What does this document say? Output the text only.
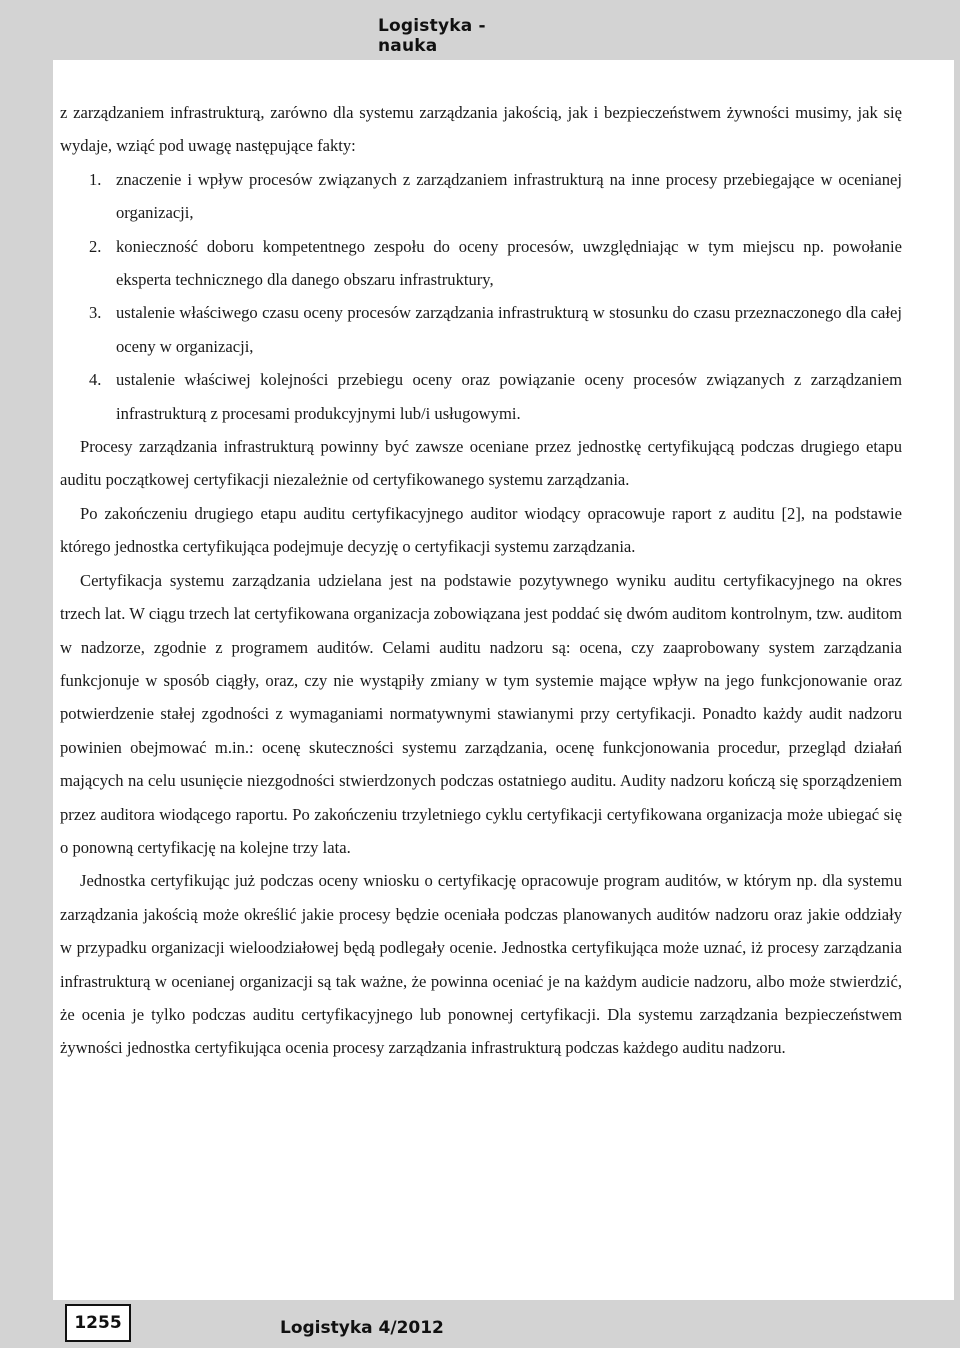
Logistyka - nauka

z zarządzaniem infrastrukturą, zarówno dla systemu zarządzania jakością, jak i bezpieczeństwem żywności musimy, jak się wydaje, wziąć pod uwagę następujące fakty:

1. znaczenie i wpływ procesów związanych z zarządzaniem infrastrukturą na inne procesy przebiegające w ocenianej organizacji,
2. konieczność doboru kompetentnego zespołu do oceny procesów, uwzględniając w tym miejscu np. powołanie eksperta technicznego dla danego obszaru infrastruktury,
3. ustalenie właściwego czasu oceny procesów zarządzania infrastrukturą w stosunku do czasu przeznaczonego dla całej oceny w organizacji,
4. ustalenie właściwej kolejności przebiegu oceny oraz powiązanie oceny procesów związanych z zarządzaniem infrastrukturą z procesami produkcyjnymi lub/i usługowymi.

Procesy zarządzania infrastrukturą powinny być zawsze oceniane przez jednostkę certyfikującą podczas drugiego etapu auditu początkowej certyfikacji niezależnie od certyfikowanego systemu zarządzania.

Po zakończeniu drugiego etapu auditu certyfikacyjnego auditor wiodący opracowuje raport z auditu [2], na podstawie którego jednostka certyfikująca podejmuje decyzję o certyfikacji systemu zarządzania.

Certyfikacja systemu zarządzania udzielana jest na podstawie pozytywnego wyniku auditu certyfikacyjnego na okres trzech lat. W ciągu trzech lat certyfikowana organizacja zobowiązana jest poddać się dwóm auditom kontrolnym, tzw. auditom w nadzorze, zgodnie z programem auditów. Celami auditu nadzoru są: ocena, czy zaaprobowany system zarządzania funkcjonuje w sposób ciągły, oraz, czy nie wystąpiły zmiany w tym systemie mające wpływ na jego funkcjonowanie oraz potwierdzenie stałej zgodności z wymaganiami normatywnymi stawianymi przy certyfikacji. Ponadto każdy audit nadzoru powinien obejmować m.in.: ocenę skuteczności systemu zarządzania, ocenę funkcjonowania procedur, przegląd działań mających na celu usunięcie niezgodności stwierdzonych podczas ostatniego auditu. Audity nadzoru kończą się sporządzeniem przez auditora wiodącego raportu. Po zakończeniu trzyletniego cyklu certyfikacji certyfikowana organizacja może ubiegać się o ponowną certyfikację na kolejne trzy lata.

Jednostka certyfikując już podczas oceny wniosku o certyfikację opracowuje program auditów, w którym np. dla systemu zarządzania jakością może określić jakie procesy będzie oceniała podczas planowanych auditów nadzoru oraz jakie oddziały w przypadku organizacji wieloodziałowej będą podlegały ocenie. Jednostka certyfikująca może uznać, iż procesy zarządzania infrastrukturą w ocenianej organizacji są tak ważne, że powinna oceniać je na każdym audicie nadzoru, albo może stwierdzić, że ocenia je tylko podczas auditu certyfikacyjnego lub ponownej certyfikacji. Dla systemu zarządzania bezpieczeństwem żywności jednostka certyfikująca ocenia procesy zarządzania infrastrukturą podczas każdego auditu nadzoru.

1255	Logistyka 4/2012
